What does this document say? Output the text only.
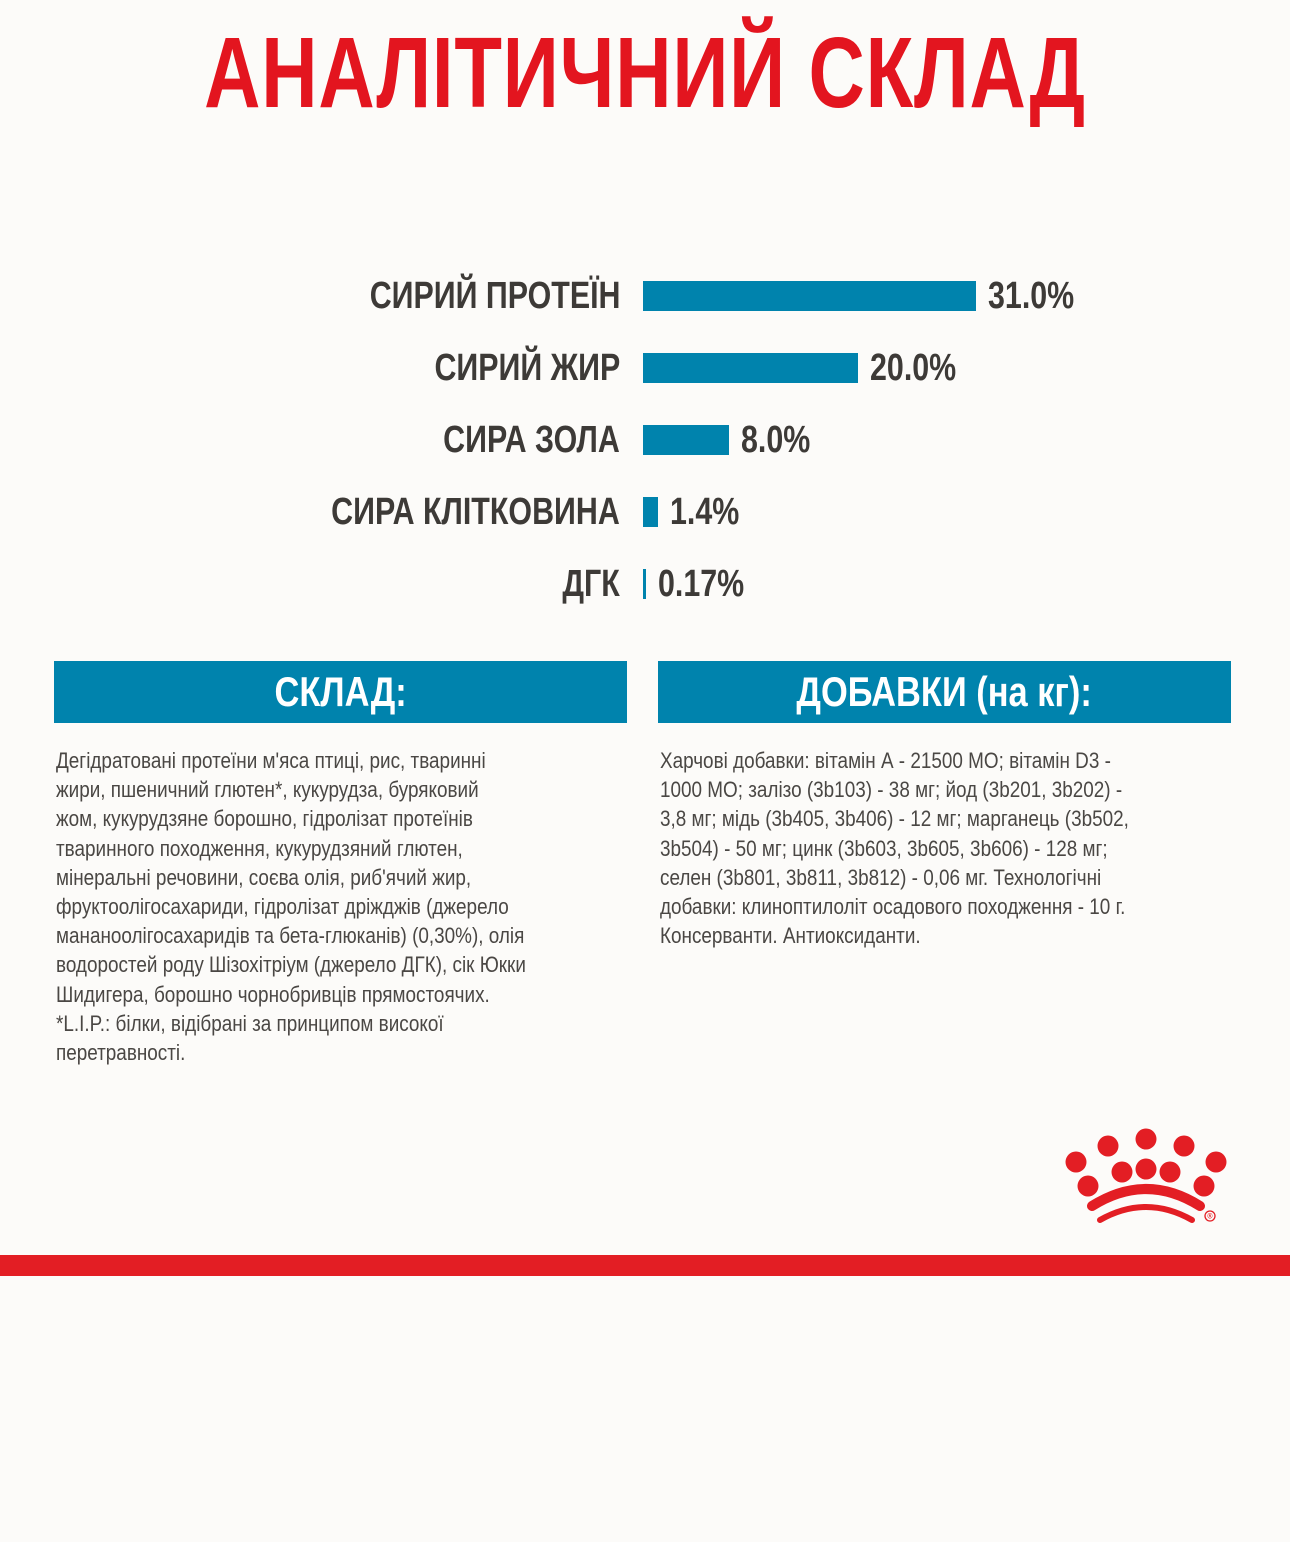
АНАЛІТИЧНИЙ СКЛАД
СИРИЙ ПРОТЕЇН	31.0%
СИРИЙ ЖИР	20.0%
СИРА ЗОЛА	8.0%
СИРА КЛІТКОВИНА 1.4%
ДГК 0.17%
СКЛАД:	ДОБАВКИ (на кг):
Дегідратовані протеїни м'яса птиці, рис, тваринні
жири, пшеничний глютен*, кукурудза, буряковий
жом, кукурудзяне борошно, гідролізат протеїнів
тваринного походження, кукурудзяний глютен,
мінеральні речовини, соєва олія, риб'ячий жир,
фруктоолігосахариди, гідролізат дріжджів (джерело
мананоолігосахаридів та бета-глюканів) (0,30%), олія
водоростей роду Шізохітріум (джерело ДГК), сік Юкки
Шидигера, борошно чорнобривців прямостоячих.
*L.I.P.: білки, відібрані за принципом високої
перетравності.
Харчові добавки: вітамін А - 21500 МО; вітамін D3 -
1000 МО; залізо (3b103) - 38 мг; йод (3b201, 3b202) -
3,8 мг; мідь (3b405, 3b406) - 12 мг; марганець (3b502,
3b504) - 50 мг; цинк (3b603, 3b605, 3b606) - 128 мг;
селен (3b801, 3b811, 3b812) - 0,06 мг. Технологічні
добавки: клиноптилоліт осадового походження - 10 г.
Консерванти. Антиоксиданти.
®
